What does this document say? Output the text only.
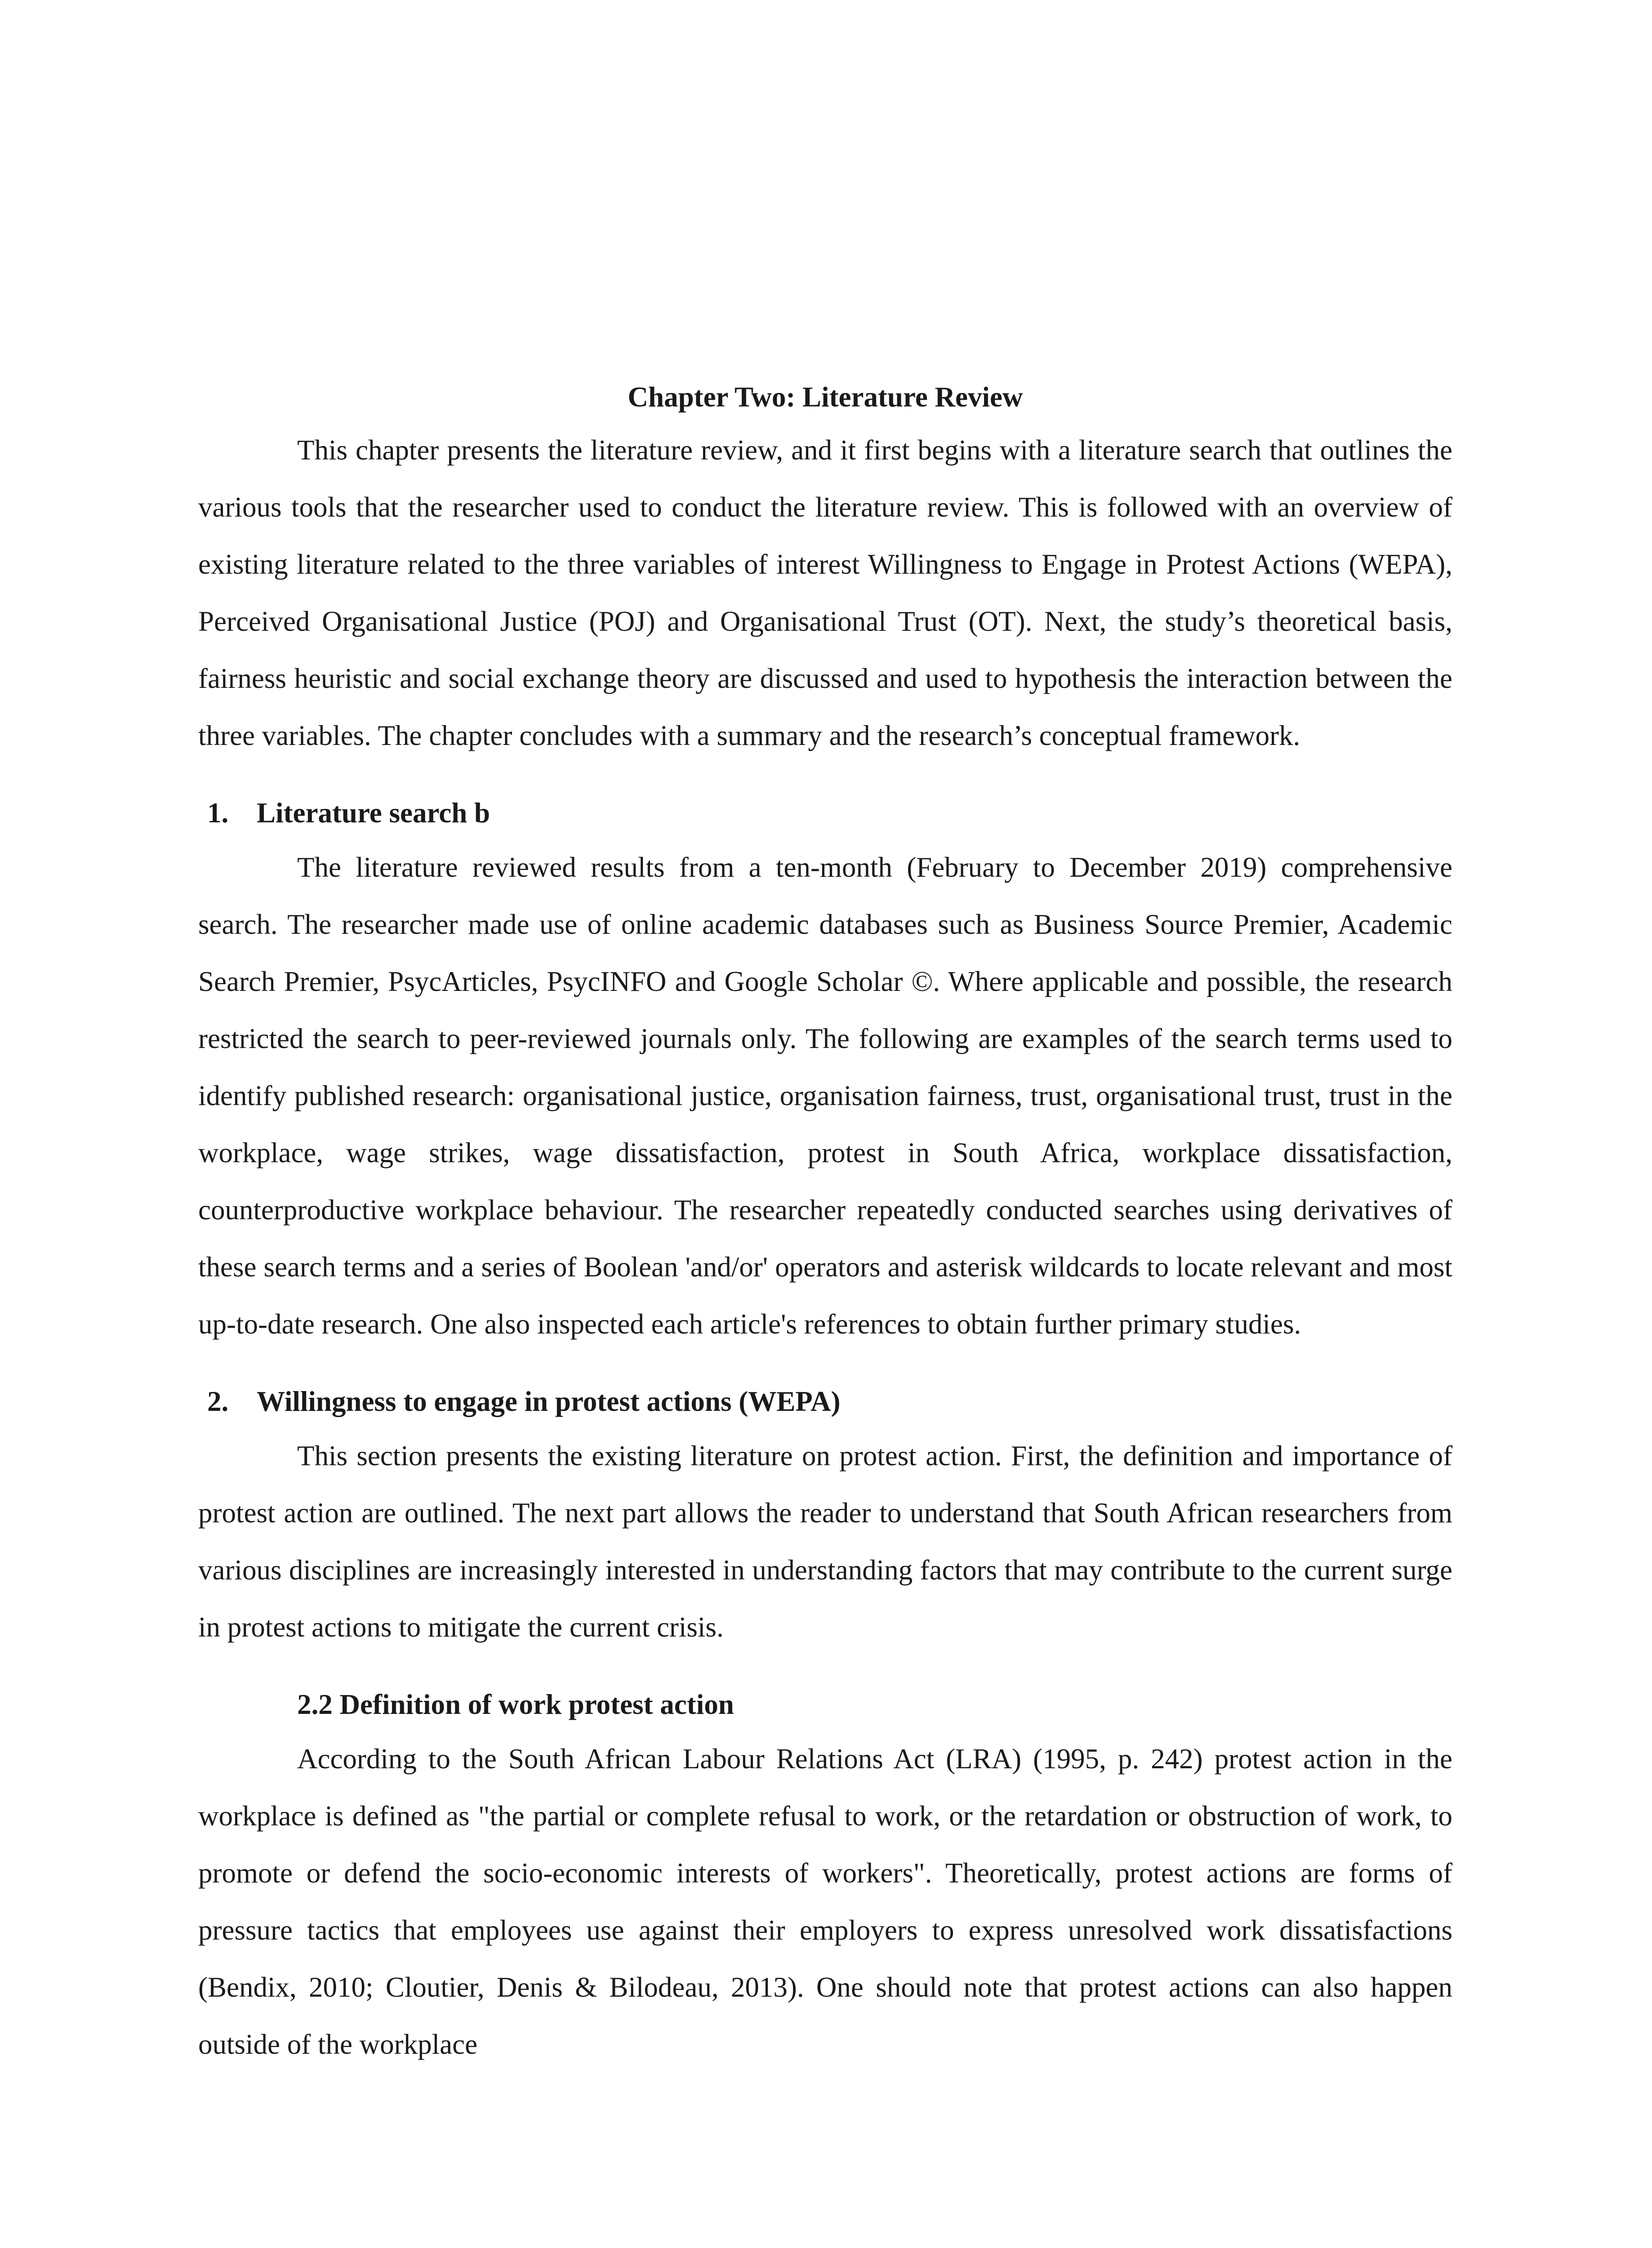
Chapter Two: Literature Review

This chapter presents the literature review, and it first begins with a literature search that outlines the various tools that the researcher used to conduct the literature review. This is followed with an overview of existing literature related to the three variables of interest Willingness to Engage in Protest Actions (WEPA), Perceived Organisational Justice (POJ) and Organisational Trust (OT). Next, the study’s theoretical basis, fairness heuristic and social exchange theory are discussed and used to hypothesis the interaction between the three variables. The chapter concludes with a summary and the research’s conceptual framework.

1. Literature search b

The literature reviewed results from a ten-month (February to December 2019) comprehensive search. The researcher made use of online academic databases such as Business Source Premier, Academic Search Premier, PsycArticles, PsycINFO and Google Scholar ©. Where applicable and possible, the research restricted the search to peer-reviewed journals only. The following are examples of the search terms used to identify published research: organisational justice, organisation fairness, trust, organisational trust, trust in the workplace, wage strikes, wage dissatisfaction, protest in South Africa, workplace dissatisfaction, counterproductive workplace behaviour. The researcher repeatedly conducted searches using derivatives of these search terms and a series of Boolean 'and/or' operators and asterisk wildcards to locate relevant and most up-to-date research. One also inspected each article's references to obtain further primary studies.

2. Willingness to engage in protest actions (WEPA)

This section presents the existing literature on protest action. First, the definition and importance of protest action are outlined. The next part allows the reader to understand that South African researchers from various disciplines are increasingly interested in understanding factors that may contribute to the current surge in protest actions to mitigate the current crisis.

2.2 Definition of work protest action

According to the South African Labour Relations Act (LRA) (1995, p. 242) protest action in the workplace is defined as "the partial or complete refusal to work, or the retardation or obstruction of work, to promote or defend the socio-economic interests of workers". Theoretically, protest actions are forms of pressure tactics that employees use against their employers to express unresolved work dissatisfactions (Bendix, 2010; Cloutier, Denis & Bilodeau, 2013). One should note that protest actions can also happen outside of the workplace
